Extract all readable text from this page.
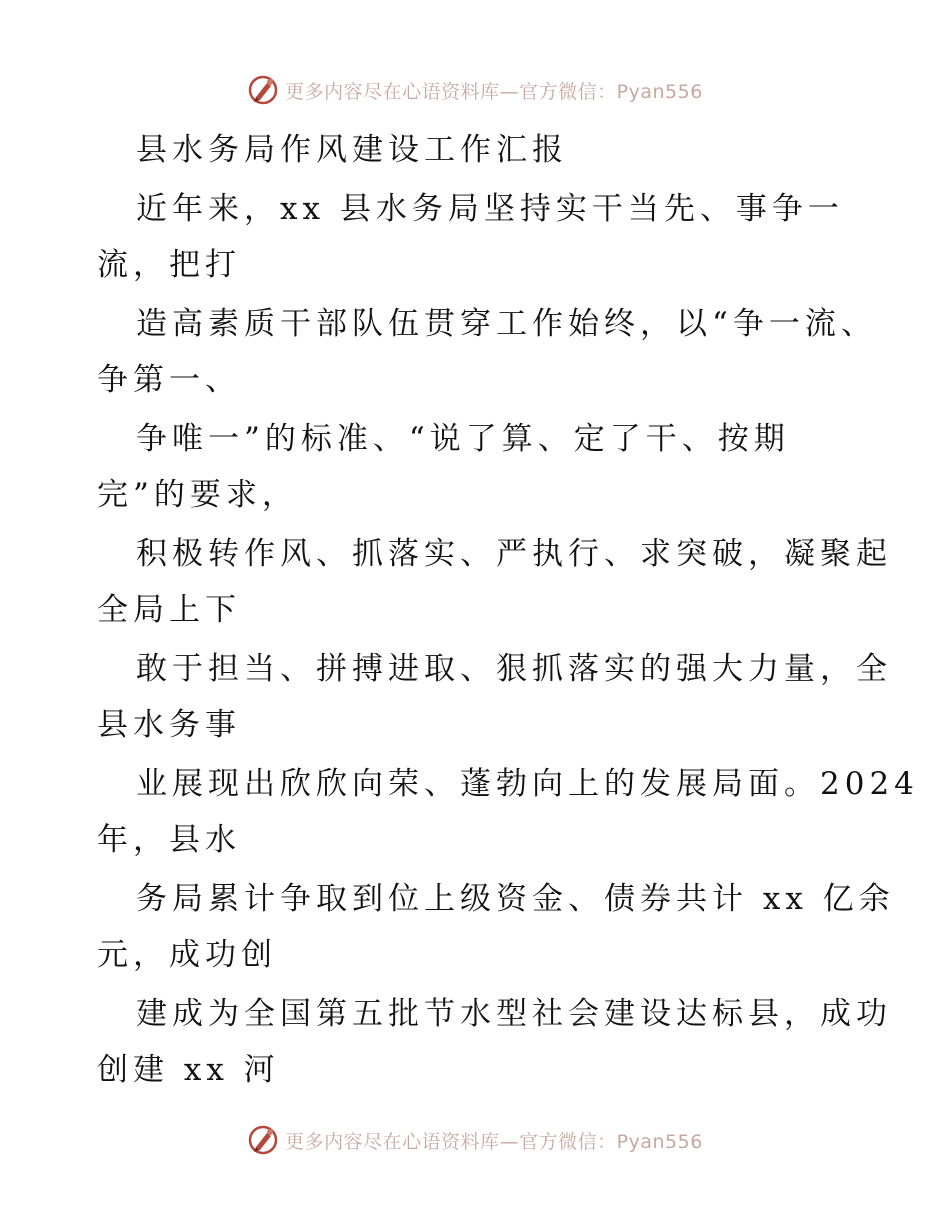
更多内容尽在心语资料库—官方微信：Pyan556
县水务局作风建设工作汇报
近年来，xx 县水务局坚持实干当先、事争一
流，把打
造高素质干部队伍贯穿工作始终，以“争一流、
争第一、
争唯一”的标准、“说了算、定了干、按期
完”的要求，
积极转作风、抓落实、严执行、求突破，凝聚起
全局上下
敢于担当、拼搏进取、狠抓落实的强大力量，全
县水务事
业展现出欣欣向荣、蓬勃向上的发展局面。2024
年，县水
务局累计争取到位上级资金、债券共计 xx 亿余
元，成功创
建成为全国第五批节水型社会建设达标县，成功
创建 xx 河
更多内容尽在心语资料库—官方微信：Pyan556
